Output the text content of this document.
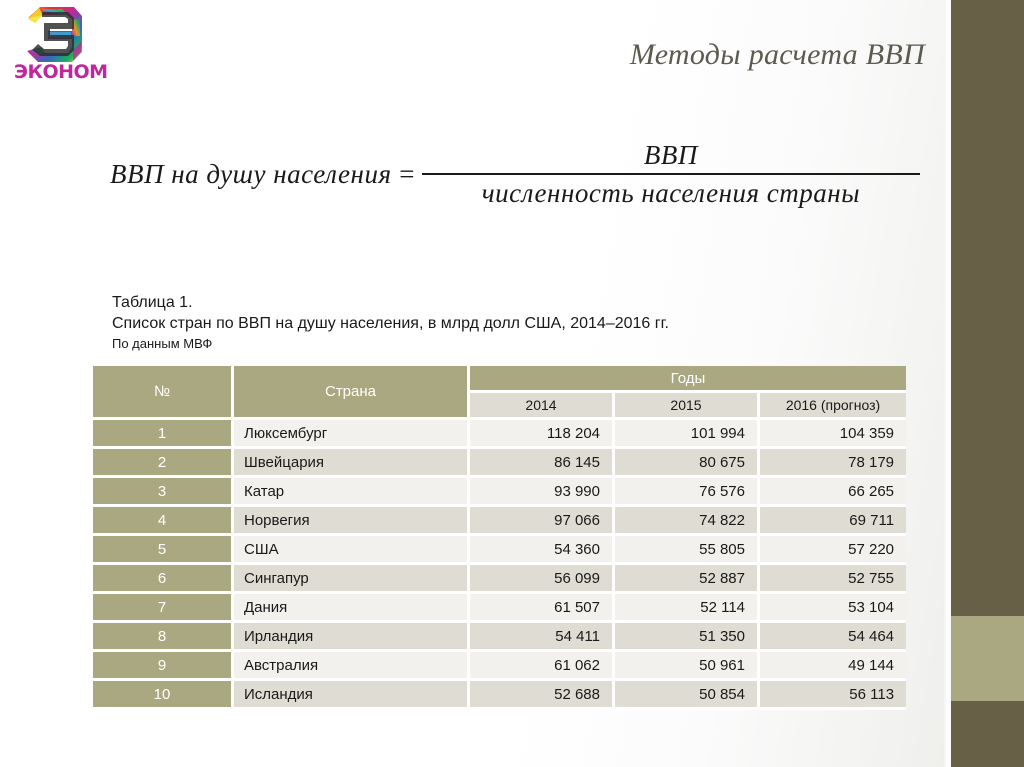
ЭКОНОМ
Методы расчета ВВП
ВВП на душу населения = $\frac{\text{ВВП}}{\text{численность населения страны}}$
Таблица 1.
Список стран по ВВП на душу населения, в млрд долл США, 2014–2016 гг.
По данным МВФ
№	Страна	Годы		
		2014	2015	2016 (прогноз)
1	Люксембург	118 204	101 994	104 359
2	Швейцария	86 145	80 675	78 179
3	Катар	93 990	76 576	66 265
4	Норвегия	97 066	74 822	69 711
5	США	54 360	55 805	57 220
6	Сингапур	56 099	52 887	52 755
7	Дания	61 507	52 114	53 104
8	Ирландия	54 411	51 350	54 464
9	Австралия	61 062	50 961	49 144
10	Исландия	52 688	50 854	56 113
